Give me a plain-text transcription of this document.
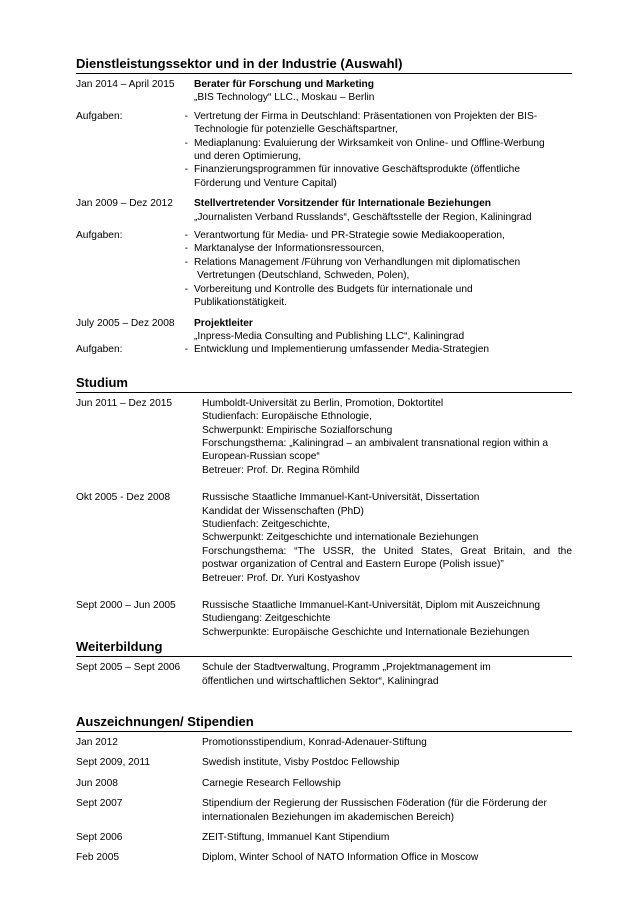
Dienstleistungssektor und in der Industrie (Auswahl)
Jan 2014 – April 2015	Berater für Forschung und Marketing
„BIS Technology“ LLC., Moskau – Berlin
Aufgaben:	- Vertretung der Firma in Deutschland: Präsentationen von Projekten der BIS-
Technologie für potenzielle Geschäftspartner,
- Mediaplanung: Evaluierung der Wirksamkeit von Online- und Offline-Werbung
und deren Optimierung,
- Finanzierungsprogrammen für innovative Geschäftsprodukte (öffentliche
Förderung und Venture Capital)
Jan 2009 – Dez 2012	Stellvertretender Vorsitzender für Internationale Beziehungen
„Journalisten Verband Russlands“, Geschäftsstelle der Region, Kaliningrad
Aufgaben:	- Verantwortung für Media- und PR-Strategie sowie Mediakooperation,
- Marktanalyse der Informationsressourcen,
- Relations Management /Führung von Verhandlungen mit diplomatischen
Vertretungen (Deutschland, Schweden, Polen),
- Vorbereitung und Kontrolle des Budgets für internationale und
Publikationstätigkeit.
July 2005 – Dez 2008	Projektleiter
„Inpress-Media Consulting and Publishing LLC“, Kaliningrad
Aufgaben:	- Entwicklung und Implementierung umfassender Media-Strategien
Studium
Jun 2011 – Dez 2015	Humboldt-Universität zu Berlin, Promotion, Doktortitel
Studienfach: Europäische Ethnologie,
Schwerpunkt: Empirische Sozialforschung
Forschungsthema: „Kaliningrad – an ambivalent transnational region within a
European-Russian scope“
Betreuer: Prof. Dr. Regina Römhild
Okt 2005 - Dez 2008	Russische Staatliche Immanuel-Kant-Universität, Dissertation
Kandidat der Wissenschaften (PhD)
Studienfach: Zeitgeschichte,
Schwerpunkt: Zeitgeschichte und internationale Beziehungen
Forschungsthema: “The USSR, the United States, Great Britain, and the
postwar organization of Central and Eastern Europe (Polish issue)”
Betreuer: Prof. Dr. Yuri Kostyashov
Sept 2000 – Jun 2005	Russische Staatliche Immanuel-Kant-Universität, Diplom mit Auszeichnung
Studiengang: Zeitgeschichte
Schwerpunkte: Europäische Geschichte und Internationale Beziehungen
Weiterbildung
Sept 2005 – Sept 2006	Schule der Stadtverwaltung, Programm „Projektmanagement im
öffentlichen und wirtschaftlichen Sektor“, Kaliningrad
Auszeichnungen/ Stipendien
Jan 2012	Promotionsstipendium, Konrad-Adenauer-Stiftung
Sept 2009, 2011	Swedish institute, Visby Postdoc Fellowship
Jun 2008	Carnegie Research Fellowship
Sept 2007	Stipendium der Regierung der Russischen Föderation (für die Förderung der
internationalen Beziehungen im akademischen Bereich)
Sept 2006	ZEIT-Stiftung, Immanuel Kant Stipendium
Feb 2005	Diplom, Winter School of NATO Information Office in Moscow
